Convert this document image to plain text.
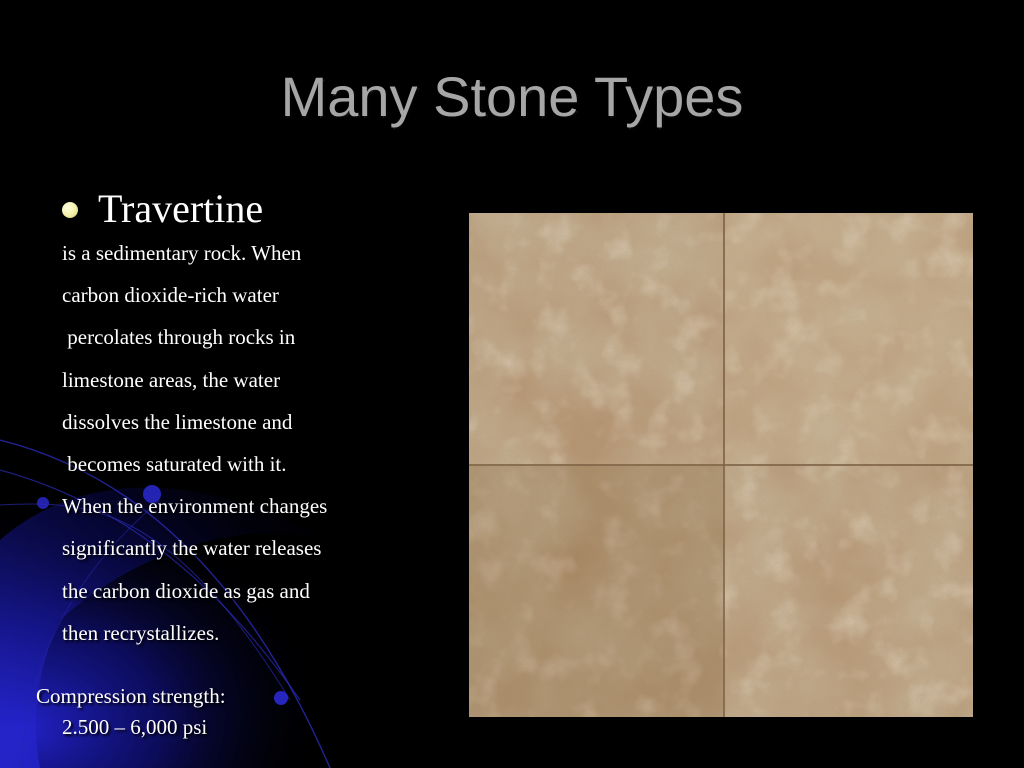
Many Stone Types
Travertine
is a sedimentary rock. When
carbon dioxide-rich water
percolates through rocks in
limestone areas, the water
dissolves the limestone and
becomes saturated with it.
When the environment changes
significantly the water releases
the carbon dioxide as gas and
then recrystallizes.
Compression strength:
2.500 – 6,000 psi
